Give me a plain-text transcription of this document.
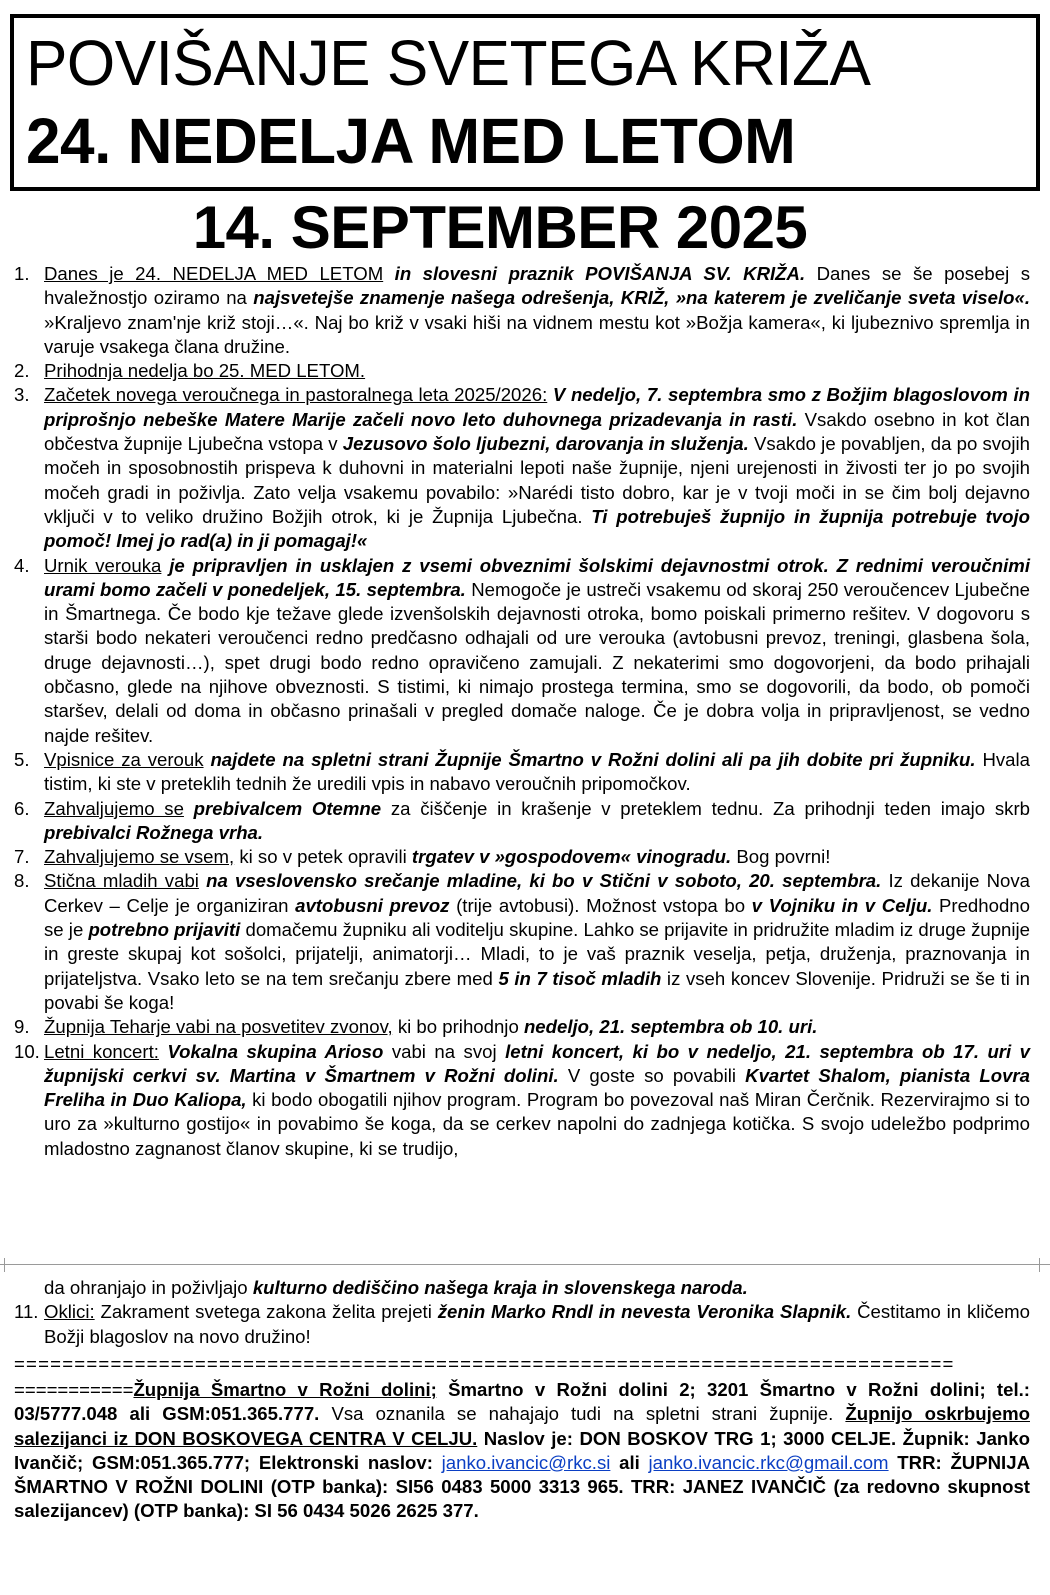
POVIŠANJE SVETEGA KRIŽA
24. NEDELJA MED LETOM
14. SEPTEMBER 2025
1. Danes je 24. NEDELJA MED LETOM in slovesni praznik POVIŠANJA SV. KRIŽA. Danes se še posebej s hvaležnostjo oziramo na najsvetejše znamenje našega odrešenja, KRIŽ, »na katerem je zveličanje sveta viselo«. »Kraljevo znam'nje križ stoji…«. Naj bo križ v vsaki hiši na vidnem mestu kot »Božja kamera«, ki ljubeznivo spremlja in varuje vsakega člana družine.
2. Prihodnja nedelja bo 25. MED LETOM.
3. Začetek novega veroučnega in pastoralnega leta 2025/2026: V nedeljo, 7. septembra smo z Božjim blagoslovom in priprošnjo nebeške Matere Marije začeli novo leto duhovnega prizadevanja in rasti. Vsakdo osebno in kot član občestva župnije Ljubečna vstopa v Jezusovo šolo ljubezni, darovanja in služenja. Vsakdo je povabljen, da po svojih močeh in sposobnostih prispeva k duhovni in materialni lepoti naše župnije, njeni urejenosti in živosti ter jo po svojih močeh gradi in poživlja. Zato velja vsakemu povabilo: »Narédi tisto dobro, kar je v tvoji moči in se čim bolj dejavno vključi v to veliko družino Božjih otrok, ki je Župnija Ljubečna. Ti potrebuješ župnijo in župnija potrebuje tvojo pomoč! Imej jo rad(a) in ji pomagaj!«
4. Urnik verouka je pripravljen in usklajen z vsemi obveznimi šolskimi dejavnostmi otrok. Z rednimi veroučnimi urami bomo začeli v ponedeljek, 15. septembra. Nemogoče je ustreči vsakemu od skoraj 250 veroučencev Ljubečne in Šmartnega. Če bodo kje težave glede izvenšolskih dejavnosti otroka, bomo poiskali primerno rešitev. V dogovoru s starši bodo nekateri veroučenci redno predčasno odhajali od ure verouka (avtobusni prevoz, treningi, glasbena šola, druge dejavnosti…), spet drugi bodo redno opravičeno zamujali. Z nekaterimi smo dogovorjeni, da bodo prihajali občasno, glede na njihove obveznosti. S tistimi, ki nimajo prostega termina, smo se dogovorili, da bodo, ob pomoči staršev, delali od doma in občasno prinašali v pregled domače naloge. Če je dobra volja in pripravljenost, se vedno najde rešitev.
5. Vpisnice za verouk najdete na spletni strani Župnije Šmartno v Rožni dolini ali pa jih dobite pri župniku. Hvala tistim, ki ste v preteklih tednih že uredili vpis in nabavo veroučnih pripomočkov.
6. Zahvaljujemo se prebivalcem Otemne za čiščenje in krašenje v preteklem tednu. Za prihodnji teden imajo skrb prebivalci Rožnega vrha.
7. Zahvaljujemo se vsem, ki so v petek opravili trgatev v »gospodovem« vinogradu. Bog povrni!
8. Stična mladih vabi na vseslovensko srečanje mladine, ki bo v Stični v soboto, 20. septembra. Iz dekanije Nova Cerkev – Celje je organiziran avtobusni prevoz (trije avtobusi). Možnost vstopa bo v Vojniku in v Celju. Predhodno se je potrebno prijaviti domačemu župniku ali voditelju skupine. Lahko se prijavite in pridružite mladim iz druge župnije in greste skupaj kot sošolci, prijatelji, animatorji… Mladi, to je vaš praznik veselja, petja, druženja, praznovanja in prijateljstva. Vsako leto se na tem srečanju zbere med 5 in 7 tisoč mladih iz vseh koncev Slovenije. Pridruži se še ti in povabi še koga!
9. Župnija Teharje vabi na posvetitev zvonov, ki bo prihodnjo nedeljo, 21. septembra ob 10. uri.
10. Letni koncert: Vokalna skupina Arioso vabi na svoj letni koncert, ki bo v nedeljo, 21. septembra ob 17. uri v župnijski cerkvi sv. Martina v Šmartnem v Rožni dolini. V goste so povabili Kvartet Shalom, pianista Lovra Freliha in Duo Kaliopa, ki bodo obogatili njihov program. Program bo povezoval naš Miran Čerčnik. Rezervirajmo si to uro za »kulturno gostijo« in povabimo še koga, da se cerkev napolni do zadnjega kotička. S svojo udeležbo podprimo mladostno zagnanost članov skupine, ki se trudijo,
da ohranjajo in poživljajo kulturno dediščino našega kraja in slovenskega naroda.
11. Oklici: Zakrament svetega zakona želita prejeti ženin Marko Rndl in nevesta Veronika Slapnik. Čestitamo in kličemo Božji blagoslov na novo družino!
==============================================================================
===========Župnija Šmartno v Rožni dolini; Šmartno v Rožni dolini 2; 3201 Šmartno v Rožni dolini; tel.: 03/5777.048 ali GSM:051.365.777. Vsa oznanila se nahajajo tudi na spletni strani župnije. Župnijo oskrbujemo salezijanci iz DON BOSKOVEGA CENTRA V CELJU. Naslov je: DON BOSKOV TRG 1; 3000 CELJE. Župnik: Janko Ivančič; GSM:051.365.777; Elektronski naslov: janko.ivancic@rkc.si ali janko.ivancic.rkc@gmail.com TRR: ŽUPNIJA ŠMARTNO V ROŽNI DOLINI (OTP banka): SI56 0483 5000 3313 965. TRR: JANEZ IVANČIČ (za redovno skupnost salezijancev) (OTP banka): SI 56 0434 5026 2625 377.
